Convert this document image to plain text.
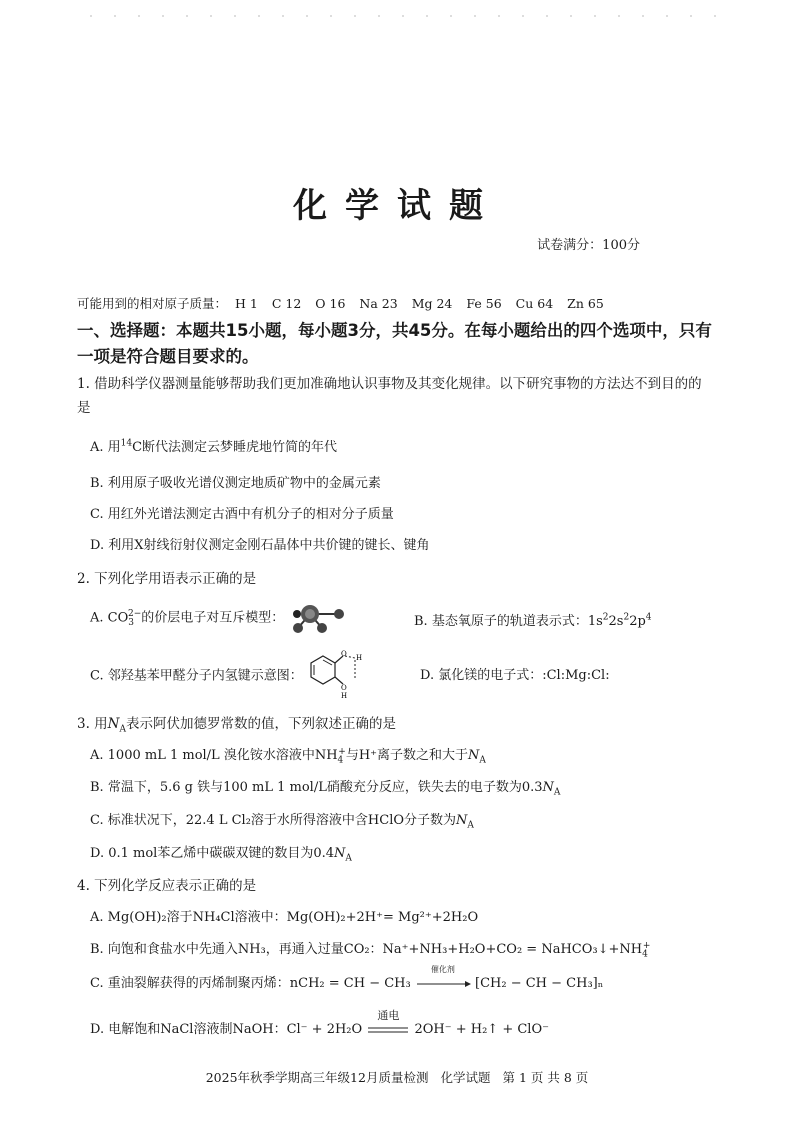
化学试题
试卷满分：100分
可能用到的相对原子质量： H 1 C 12 O 16 Na 23 Mg 24 Fe 56 Cu 64 Zn 65
一、选择题：本题共15小题，每小题3分，共45分。在每小题给出的四个选项中，只有一项是符合题目要求的。
1. 借助科学仪器测量能够帮助我们更加准确地认识事物及其变化规律。以下研究事物的方法达不到目的的是
A. 用$^{14}$C断代法测定云梦睡虎地竹简的年代
B. 利用原子吸收光谱仪测定地质矿物中的金属元素
C. 用红外光谱法测定古酒中有机分子的相对分子质量
D. 利用X射线衍射仪测定金刚石晶体中共价键的键长、键角
2. 下列化学用语表示正确的是
A. $CO_3^{2-}$的价层电子对互斥模型：	B. 基态氧原子的轨道表示式：$1s^22s^22p^4$
C. 邻羟基苯甲醛分子内氢键示意图：
O H
O
H
D. 氯化镁的电子式：:Cl:Mg:Cl:
3. 用$N_A$表示阿伏加德罗常数的值，下列叙述正确的是
A. 1000 mL 1 mol/L 溴化铵水溶液中$NH_4^+$与H⁺离子数之和大于$N_A$
B. 常温下，5.6 g 铁与100 mL 1 mol/L硝酸充分反应，铁失去的电子数为$0.3N_A$
C. 标准状况下，22.4 L Cl₂溶于水所得溶液中含HClO分子数为$N_A$
D. 0.1 mol苯乙烯中碳碳双键的数目为$0.4N_A$
4. 下列化学反应表示正确的是
A. Mg(OH)₂溶于NH₄Cl溶液中：Mg(OH)₂+2H⁺= Mg²⁺+2H₂O
B. 向饱和食盐水中先通入NH₃，再通入过量CO₂：$Na^++NH_3+H_2O+CO_2 = NaHCO_3↓+NH_4^+$
C. 重油裂解获得的丙烯制聚丙烯：nCH₂ = CH − CH₃
催化剂
[CH₂ − CH − CH₃]ₙ
D. 电解饱和NaCl溶液制NaOH：Cl⁻ + 2H₂O
通电
2OH⁻ + H₂↑ + ClO⁻
2025年秋季学期高三年级12月质量检测 化学试题 第 1 页 共 8 页
